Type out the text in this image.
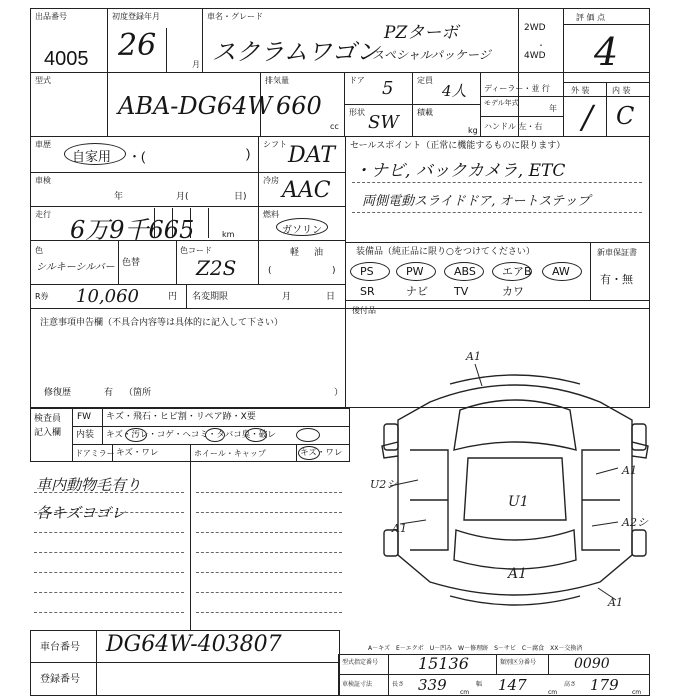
出品番号
4005
初度登録年月
26
月
車名・グレード
スクラムワゴン
PZターボ
スペシャルパッケージ
2WD
4WD
・
評 価 点
4
型式
ABA-DG64W
排気量
660
cc
ドア 5	定員
4人
形状 SW 積載
kg
ディーラー・並 行
モデル年式
年
ハンドル 左・右
外 装	内 装
/ C
車歴
自家用 ・(	)
シフト DAT
車検
年	月(	日)
冷房 AAC
走行
6万9千665	km
燃料
ガソリン
色
シルキーシルバー 色替
色コード
Z2S
軽 油
(	)
R券 10,060	円 名変期限	月	日
注意事項申告欄（不具合内容等は具体的に記入して下さい）
修復歴	有 （箇所	）
セールスポイント（正常に機能するものに限ります）
・ナビ, バックカメラ, ETC
両側電動スライドドア, オートステップ
装備品（純正品に限り○をつけてください）	新車保証書
有・無
PS	PW	ABS エアB AW
SR	ナビ TV	カワ
後付品
検査員
記入欄
FW キズ・飛石・ヒビ割・リペア跡・X要
内装 キズ・汚レ・コゲ・ヘコミ・タバコ臭・破レ
ドアミラー キズ・ワレ	ホイール・キャップ	キズ・ワレ
車内動物毛有り
各キズヨゴレ
A1
U2シ
U1
A1
A1
A2シ
A1
A1
車台番号 DG64W-403807
登録番号
A－キズ　E－エクボ　U－凹み　W－修理跡　S－サビ　C－腐食　XX－交換済
型式指定番号 15136	類別区分番号	0090
車検証寸法	長さ 339 cm
幅 147	cm
高さ 179 cm
